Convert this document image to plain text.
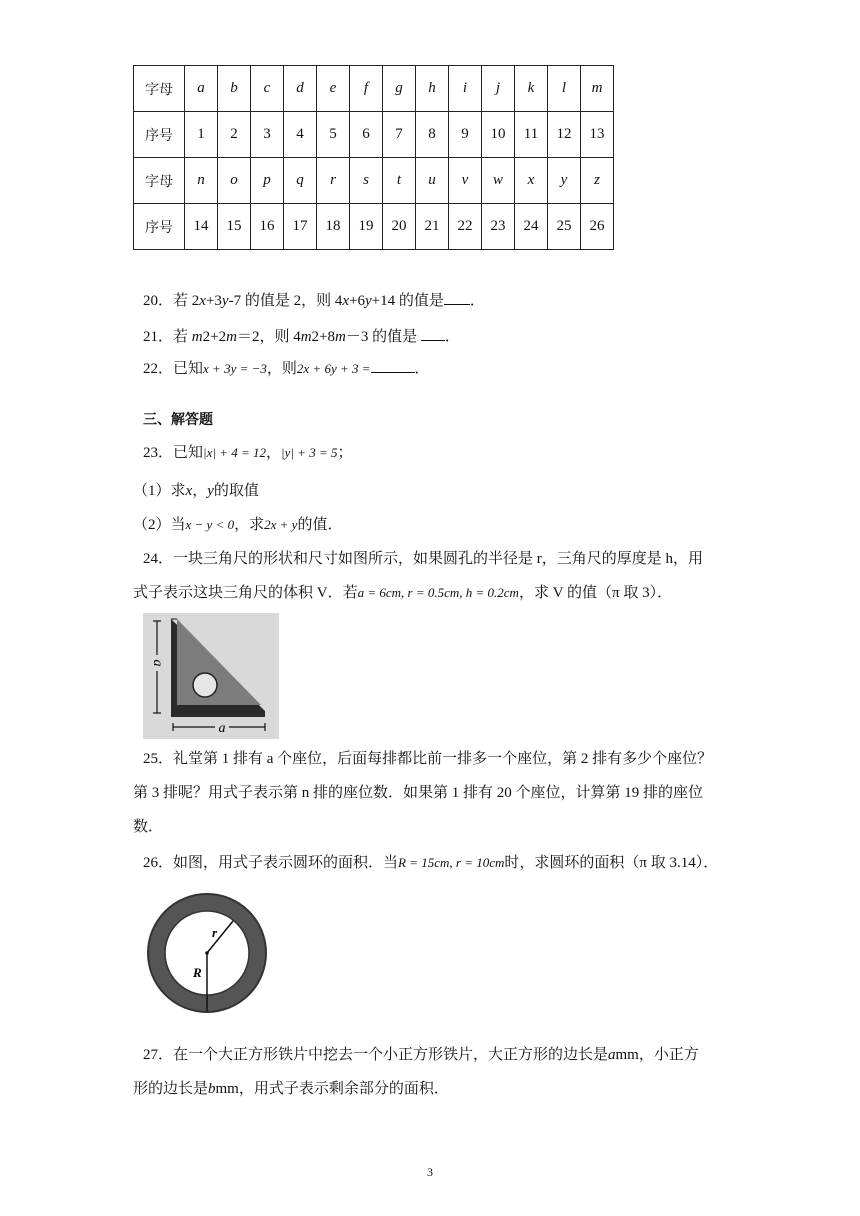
字母	a	b	c	d	e	f	g	h	i	j	k	l	m
序号	1	2	3	4	5	6	7	8	9	10	11	12	13
字母	n	o	p	q	r	s	t	u	v	w	x	y	z
序号	14	15	16	17	18	19	20	21	22	23	24	25	26
20．若 2x+3y-7 的值是 2，则 4x+6y+14 的值是 ．
21．若 m2+2m＝2，则 4m2+8m－3 的值是 ．
22．已知x + 3y = −3，则2x + 6y + 3 =	．
三、解答题
23．已知|x| + 4 = 12，|y| + 3 = 5；
（1）求x，y的取值
（2）当x − y < 0，求2x + y的值．
24．一块三角尺的形状和尺寸如图所示，如果圆孔的半径是 r，三角尺的厚度是 h，用
式子表示这块三角尺的体积 V．若a = 6cm, r = 0.5cm, h = 0.2cm，求 V 的值（π 取 3）．
a
a
25．礼堂第 1 排有 a 个座位，后面每排都比前一排多一个座位，第 2 排有多少个座位？
第 3 排呢？用式子表示第 n 排的座位数．如果第 1 排有 20 个座位，计算第 19 排的座位
数．
26．如图，用式子表示圆环的面积．当R = 15cm, r = 10cm时，求圆环的面积（π 取 3.14）．
r
R
27．在一个大正方形铁片中挖去一个小正方形铁片，大正方形的边长是amm，小正方
形的边长是bmm，用式子表示剩余部分的面积．
3
